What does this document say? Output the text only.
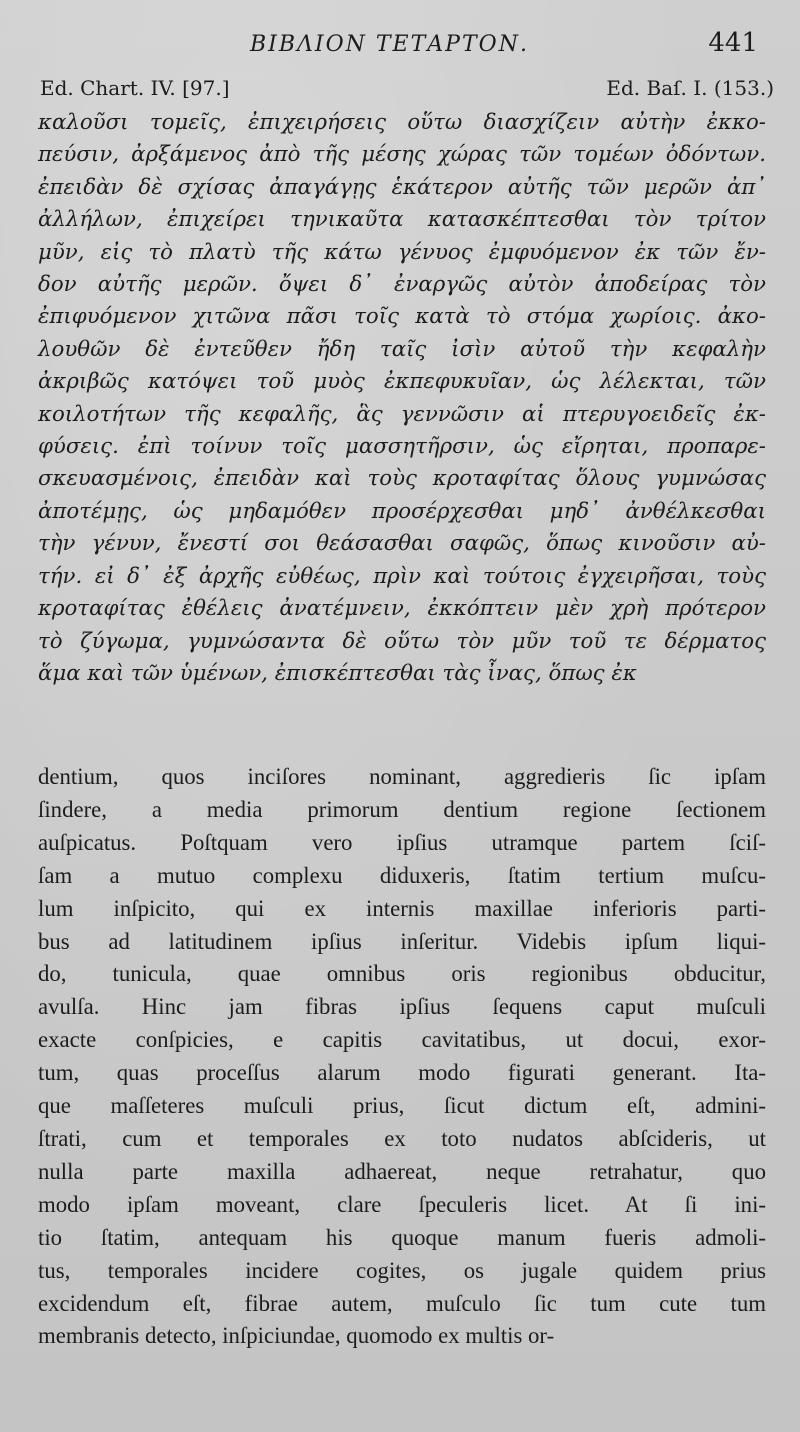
ΒΙΒΛΙΟΝ ΤΕΤΑΡΤΟΝ.	441
Ed. Chart. IV. [97.]	Ed. Baſ. I. (153.)
καλοῦσι τομεῖς, ἐπιχειρήσεις οὕτω διασχίζειν αὐτὴν ἐκκο-
πεύσιν, ἀρξάμενος ἀπὸ τῆς μέσης χώρας τῶν τομέων ὀδόντων.
ἐπειδὰν δὲ σχίσας ἀπαγάγῃς ἑκάτερον αὐτῆς τῶν μερῶν ἀπ᾽
ἀλλήλων, ἐπιχείρει τηνικαῦτα κατασκέπτεσθαι τὸν τρίτον
μῦν, εἰς τὸ πλατὺ τῆς κάτω γένυος ἐμφυόμενον ἐκ τῶν ἔν-
δον αὐτῆς μερῶν. ὄψει δ᾽ ἐναργῶς αὐτὸν ἀποδείρας τὸν
ἐπιφυόμενον χιτῶνα πᾶσι τοῖς κατὰ τὸ στόμα χωρίοις. ἀκο-
λουθῶν δὲ ἐντεῦθεν ἤδη ταῖς ἰσὶν αὐτοῦ τὴν κεφαλὴν
ἀκριβῶς κατόψει τοῦ μυὸς ἐκπεφυκυῖαν, ὡς λέλεκται, τῶν
κοιλοτήτων τῆς κεφαλῆς, ἃς γεννῶσιν αἱ πτερυγοειδεῖς ἐκ-
φύσεις. ἐπὶ τοίνυν τοῖς μασσητῆρσιν, ὡς εἴρηται, προπαρε-
σκευασμένοις, ἐπειδὰν καὶ τοὺς κροταφίτας ὅλους γυμνώσας
ἀποτέμῃς, ὡς μηδαμόθεν προσέρχεσθαι μηδ᾽ ἀνθέλκεσθαι
τὴν γένυν, ἔνεστί σοι θεάσασθαι σαφῶς, ὅπως κινοῦσιν αὐ-
τήν. εἰ δ᾽ ἐξ ἀρχῆς εὐθέως, πρὶν καὶ τούτοις ἐγχειρῆσαι, τοὺς
κροταφίτας ἐθέλεις ἀνατέμνειν, ἐκκόπτειν μὲν χρὴ πρότερον
τὸ ζύγωμα, γυμνώσαντα δὲ οὕτω τὸν μῦν τοῦ τε δέρματος
ἅμα καὶ τῶν ὑμένων, ἐπισκέπτεσθαι τὰς ἶνας, ὅπως ἐκ
dentium, quos inciſores nominant, aggredieris ſic ipſam
ſindere, a media primorum dentium regione ſectionem
auſpicatus. Poſtquam vero ipſius utramque partem ſciſ-
ſam a mutuo complexu diduxeris, ſtatim tertium muſcu-
lum inſpicito, qui ex internis maxillae inferioris parti-
bus ad latitudinem ipſius inſeritur. Videbis ipſum liqui-
do, tunicula, quae omnibus oris regionibus obducitur,
avulſa. Hinc jam fibras ipſius ſequens caput muſculi
exacte conſpicies, e capitis cavitatibus, ut docui, exor-
tum, quas proceſſus alarum modo figurati generant. Ita-
que maſſeteres muſculi prius, ſicut dictum eſt, admini-
ſtrati, cum et temporales ex toto nudatos abſcideris, ut
nulla parte maxilla adhaereat, neque retrahatur, quo
modo ipſam moveant, clare ſpeculeris licet. At ſi ini-
tio ſtatim, antequam his quoque manum fueris admoli-
tus, temporales incidere cogites, os jugale quidem prius
excidendum eſt, fibrae autem, muſculo ſic tum cute tum
membranis detecto, inſpiciundae, quomodo ex multis or-
